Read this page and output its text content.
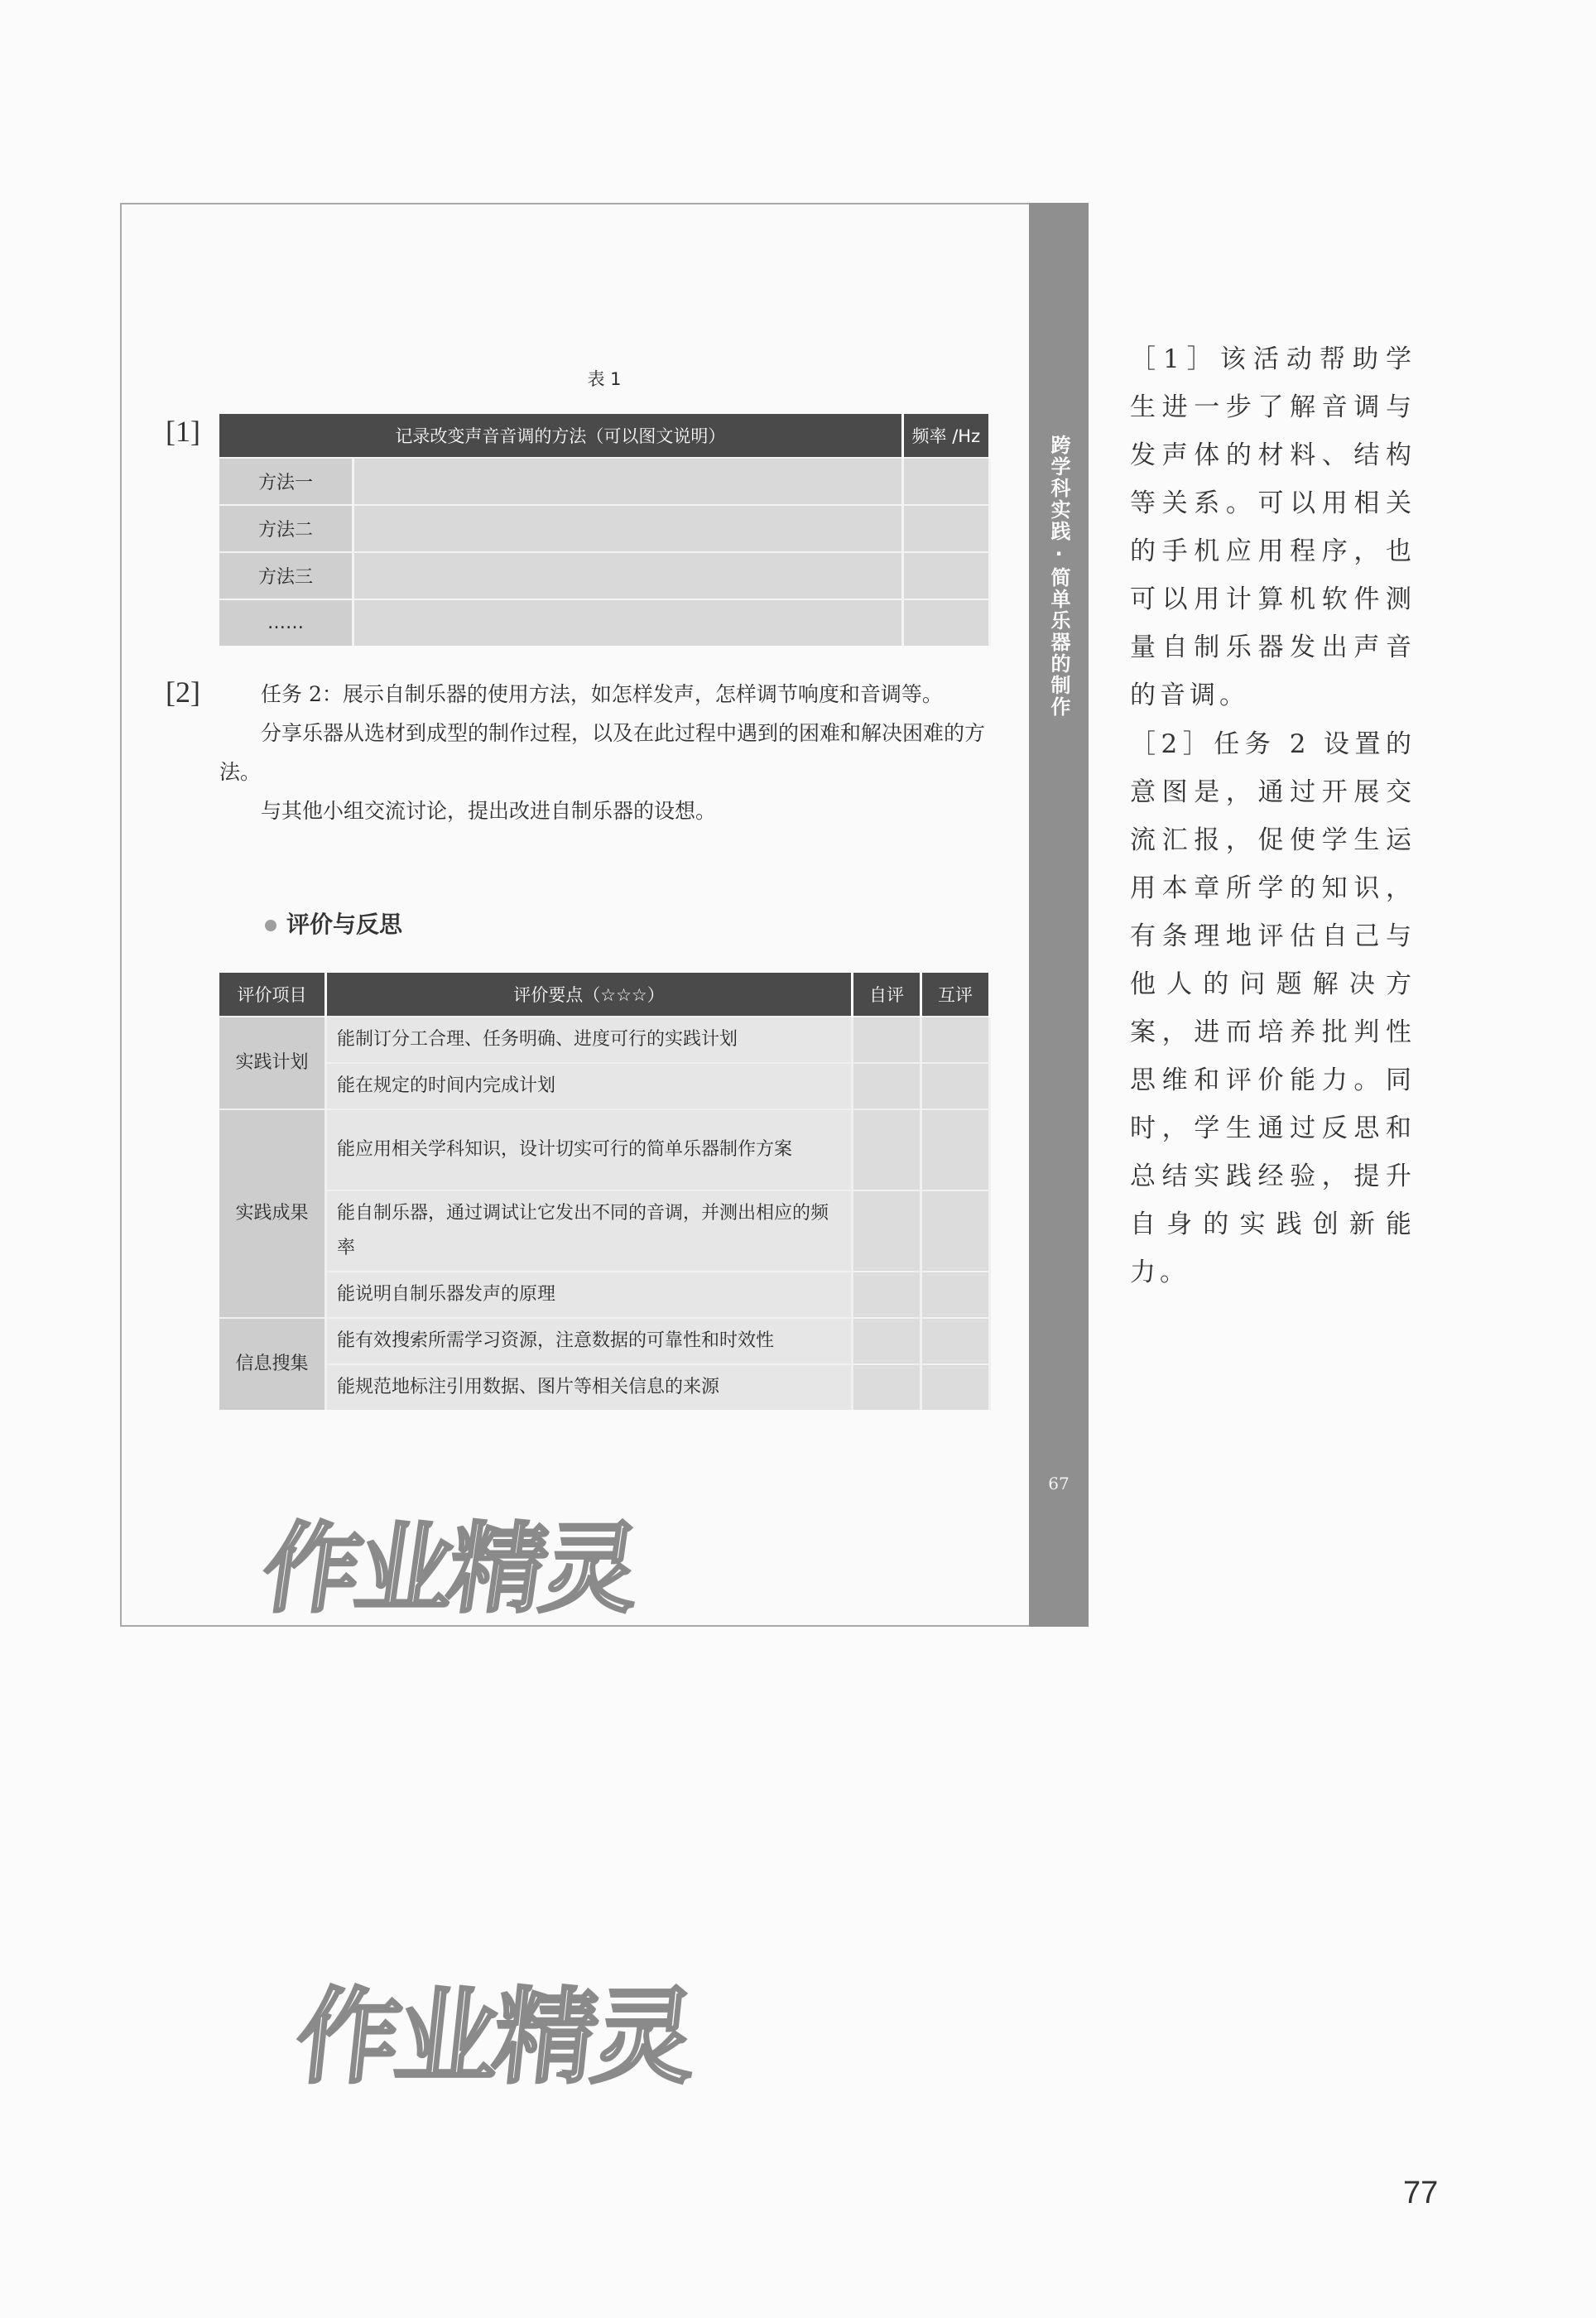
跨学科实践·简单乐器的制作
67
表 1
[1]	记录改变声音音调的方法（可以图文说明）		频率 /Hz
方法一		
方法二		
方法三		
……		
[2]	任务 2：展示自制乐器的使用方法，如怎样发声，怎样调节响度和音调等。
分享乐器从选材到成型的制作过程，以及在此过程中遇到的困难和解决困难的方法。
与其他小组交流讨论，提出改进自制乐器的设想。
评价与反思
评价项目	评价要点（☆☆☆）	自评	互评
实践计划	能制订分工合理、任务明确、进度可行的实践计划		
	能在规定的时间内完成计划		
实践成果	能应用相关学科知识，设计切实可行的简单乐器制作方案		
	能自制乐器，通过调试让它发出不同的音调，并测出相应的频率		
	能说明自制乐器发声的原理		
信息搜集	能有效搜索所需学习资源，注意数据的可靠性和时效性		
	能规范地标注引用数据、图片等相关信息的来源		
作业精灵
［1］该活动帮助学生进一步了解音调与发声体的材料、结构等关系。可以用相关的手机应用程序，也可以用计算机软件测量自制乐器发出声音的音调。
［2］任务 2 设置的意图是，通过开展交流汇报，促使学生运用本章所学的知识，有条理地评估自己与他人的问题解决方案，进而培养批判性思维和评价能力。同时，学生通过反思和总结实践经验，提升自身的实践创新能力。
作业精灵
77
